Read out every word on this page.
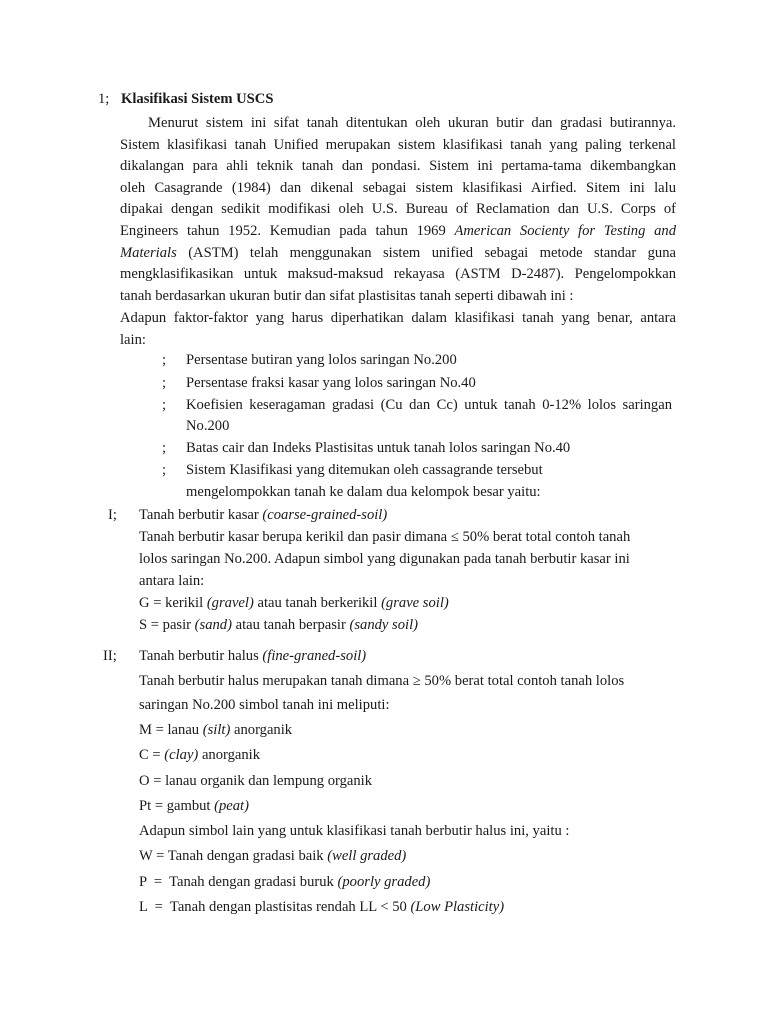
1; Klasifikasi Sistem USCS
Menurut sistem ini sifat tanah ditentukan oleh ukuran butir dan gradasi butirannya.
Sistem klasifikasi tanah Unified merupakan sistem klasifikasi tanah yang paling terkenal
dikalangan para ahli teknik tanah dan pondasi. Sistem ini pertama-tama dikembangkan
oleh Casagrande (1984) dan dikenal sebagai sistem klasifikasi Airfied. Sitem ini lalu
dipakai dengan sedikit modifikasi oleh U.S. Bureau of Reclamation dan U.S. Corps of
Engineers tahun 1952. Kemudian pada tahun 1969 American Socienty for Testing and
Materials (ASTM) telah menggunakan sistem unified sebagai metode standar guna
mengklasifikasikan untuk maksud-maksud rekayasa (ASTM D-2487). Pengelompokkan
tanah berdasarkan ukuran butir dan sifat plastisitas tanah seperti dibawah ini :
Adapun faktor-faktor yang harus diperhatikan dalam klasifikasi tanah yang benar, antara
lain:
; Persentase butiran yang lolos saringan No.200
; Persentase fraksi kasar yang lolos saringan No.40
; Koefisien keseragaman gradasi (Cu dan Cc) untuk tanah 0-12% lolos saringan
No.200
; Batas cair dan Indeks Plastisitas untuk tanah lolos saringan No.40
; Sistem Klasifikasi yang ditemukan oleh cassagrande tersebut
mengelompokkan tanah ke dalam dua kelompok besar yaitu:
I; Tanah berbutir kasar (coarse-grained-soil)
Tanah berbutir kasar berupa kerikil dan pasir dimana ≤ 50% berat total contoh tanah
lolos saringan No.200. Adapun simbol yang digunakan pada tanah berbutir kasar ini
antara lain:
G = kerikil (gravel) atau tanah berkerikil (grave soil)
S = pasir (sand) atau tanah berpasir (sandy soil)
II; Tanah berbutir halus (fine-graned-soil)
Tanah berbutir halus merupakan tanah dimana ≥ 50% berat total contoh tanah lolos
saringan No.200 simbol tanah ini meliputi:
M = lanau (silt) anorganik
C = (clay) anorganik
O = lanau organik dan lempung organik
Pt = gambut (peat)
Adapun simbol lain yang untuk klasifikasi tanah berbutir halus ini, yaitu :
W = Tanah dengan gradasi baik (well graded)
P  =  Tanah dengan gradasi buruk (poorly graded)
L  =  Tanah dengan plastisitas rendah LL < 50 (Low Plasticity)
